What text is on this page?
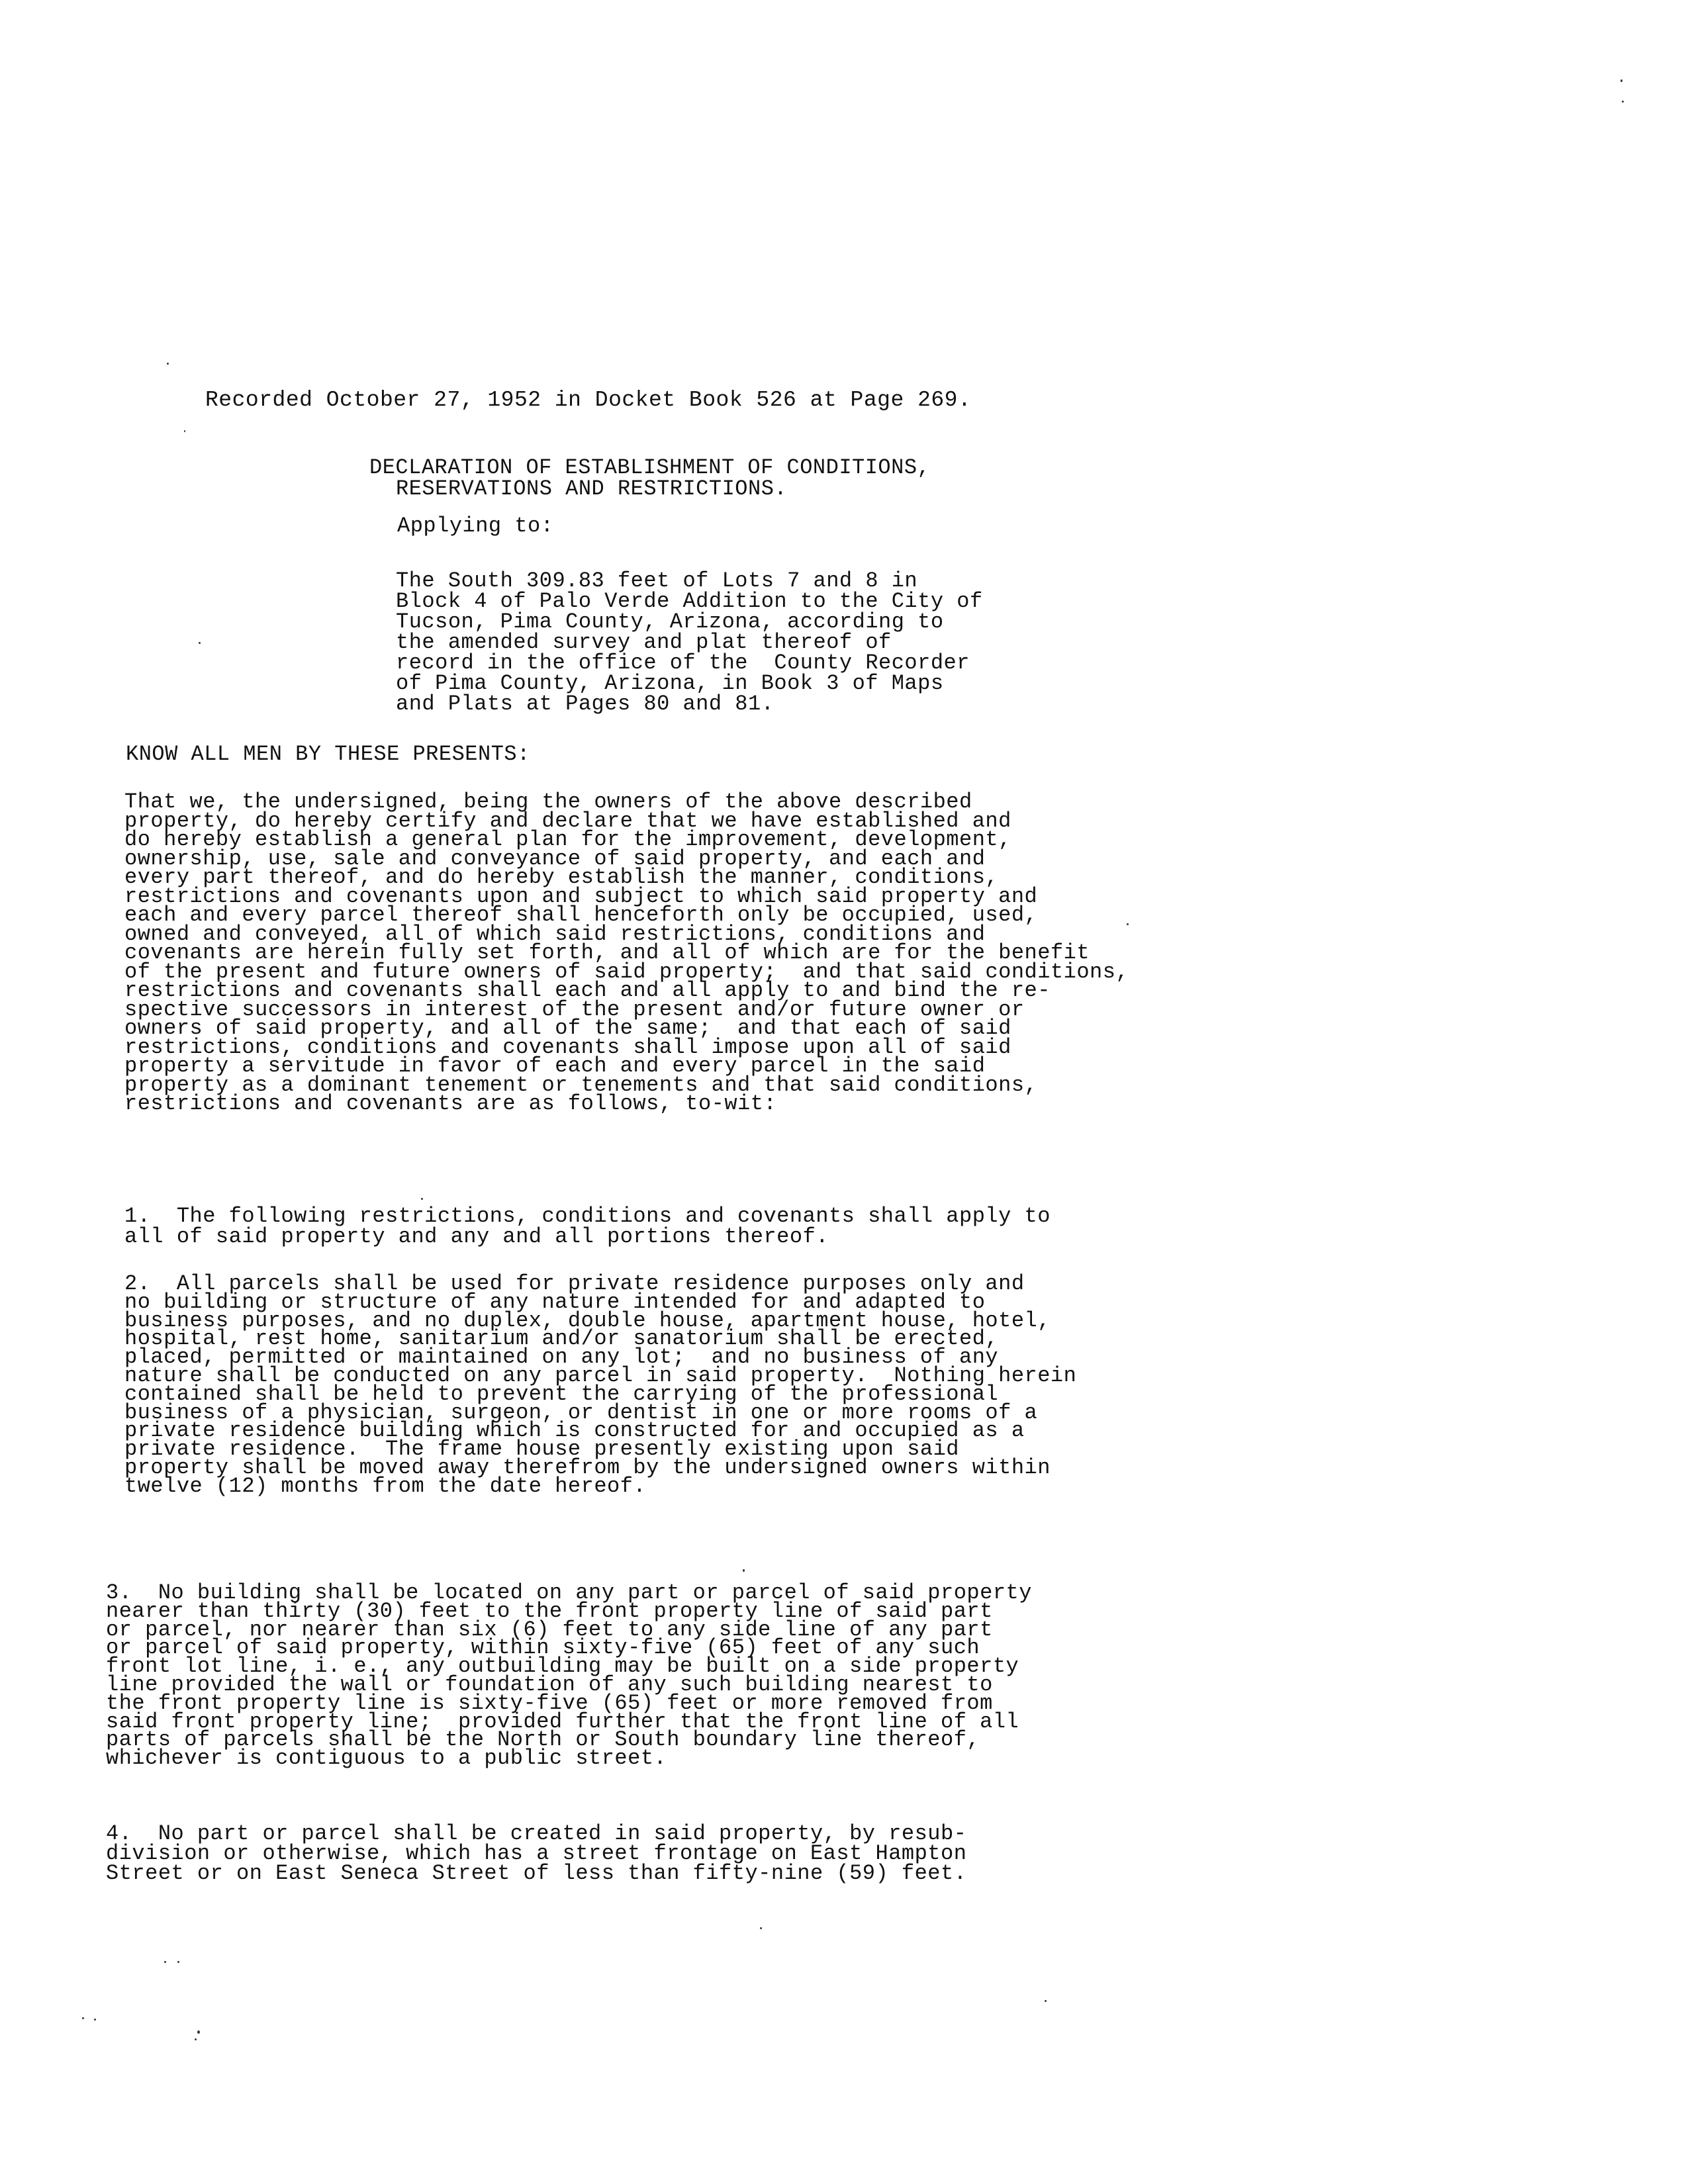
Recorded October 27, 1952 in Docket Book 526 at Page 269.
DECLARATION OF ESTABLISHMENT OF CONDITIONS,
RESERVATIONS AND RESTRICTIONS.
Applying to:
The South 309.83 feet of Lots 7 and 8 in
Block 4 of Palo Verde Addition to the City of
Tucson, Pima County, Arizona, according to
the amended survey and plat thereof of
record in the office of the  County Recorder
of Pima County, Arizona, in Book 3 of Maps
and Plats at Pages 80 and 81.
KNOW ALL MEN BY THESE PRESENTS:
That we, the undersigned, being the owners of the above described
property, do hereby certify and declare that we have established and
do hereby establish a general plan for the improvement, development,
ownership, use, sale and conveyance of said property, and each and
every part thereof, and do hereby establish the manner, conditions,
restrictions and covenants upon and subject to which said property and
each and every parcel thereof shall henceforth only be occupied, used,
owned and conveyed, all of which said restrictions, conditions and
covenants are herein fully set forth, and all of which are for the benefit
of the present and future owners of said property;  and that said conditions,
restrictions and covenants shall each and all apply to and bind the re-
spective successors in interest of the present and/or future owner or
owners of said property, and all of the same;  and that each of said
restrictions, conditions and covenants shall impose upon all of said
property a servitude in favor of each and every parcel in the said
property as a dominant tenement or tenements and that said conditions,
restrictions and covenants are as follows, to-wit:
1.  The following restrictions, conditions and covenants shall apply to
all of said property and any and all portions thereof.
2.  All parcels shall be used for private residence purposes only and
no building or structure of any nature intended for and adapted to
business purposes, and no duplex, double house, apartment house, hotel,
hospital, rest home, sanitarium and/or sanatorium shall be erected,
placed, permitted or maintained on any lot;  and no business of any
nature shall be conducted on any parcel in said property.  Nothing herein
contained shall be held to prevent the carrying of the professional
business of a physician, surgeon, or dentist in one or more rooms of a
private residence building which is constructed for and occupied as a
private residence.  The frame house presently existing upon said
property shall be moved away therefrom by the undersigned owners within
twelve (12) months from the date hereof.
3.  No building shall be located on any part or parcel of said property
nearer than thirty (30) feet to the front property line of said part
or parcel, nor nearer than six (6) feet to any side line of any part
or parcel of said property, within sixty-five (65) feet of any such
front lot line, i. e., any outbuilding may be built on a side property
line provided the wall or foundation of any such building nearest to
the front property line is sixty-five (65) feet or more removed from
said front property line;  provided further that the front line of all
parts of parcels shall be the North or South boundary line thereof,
whichever is contiguous to a public street.
4.  No part or parcel shall be created in said property, by resub-
division or otherwise, which has a street frontage on East Hampton
Street or on East Seneca Street of less than fifty-nine (59) feet.
